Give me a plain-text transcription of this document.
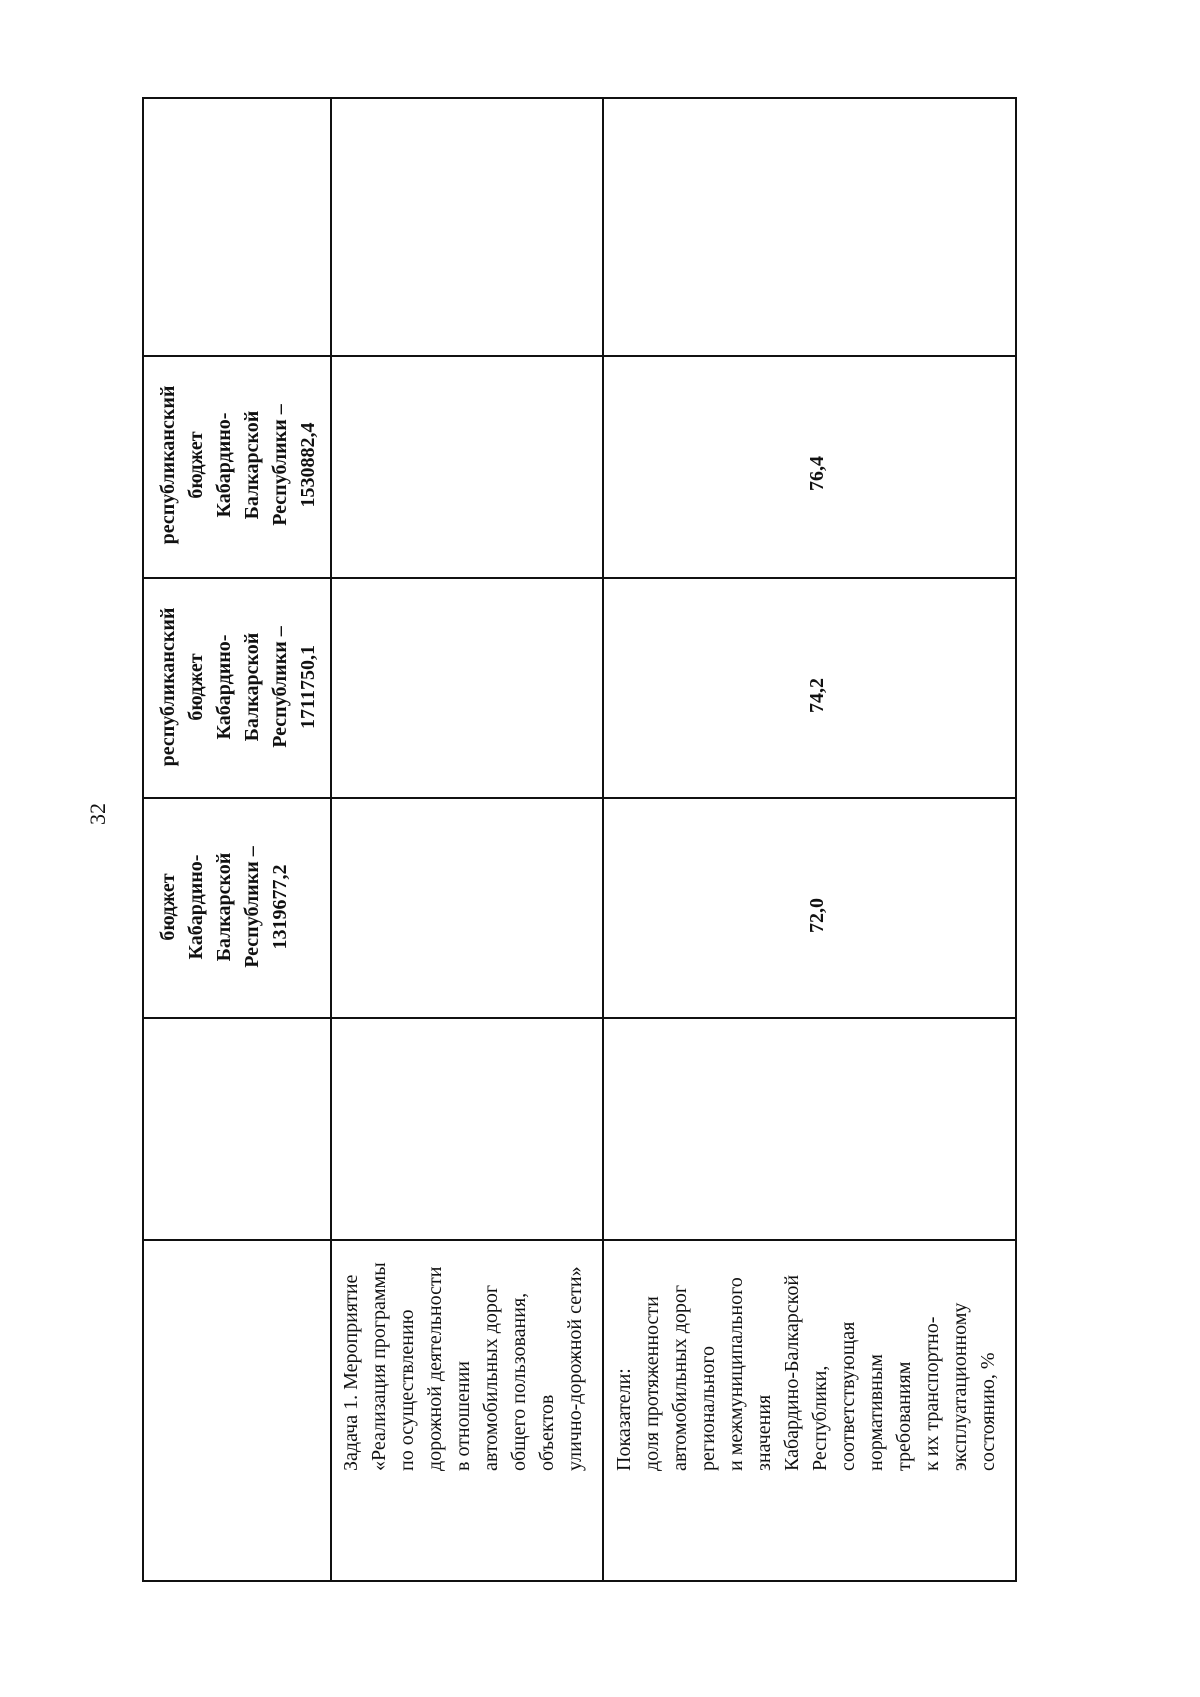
32
бюджет
Кабардино-
Балкарской
Республики –
1319677,2
республиканский
бюджет
Кабардино-
Балкарской
Республики –
1711750,1
республиканский
бюджет
Кабардино-
Балкарской
Республики –
1530882,4
Задача 1. Мероприятие
«Реализация программы
по осуществлению
дорожной деятельности
в отношении
автомобильных дорог
общего пользования,
объектов
улично-дорожной сети»
Показатели:
доля протяженности
автомобильных дорог
регионального
и межмуниципального
значения
Кабардино-Балкарской
Республики,
соответствующая
нормативным
требованиям
к их транспортно-
эксплуатационному
состоянию, %
72,0
74,2
76,4
